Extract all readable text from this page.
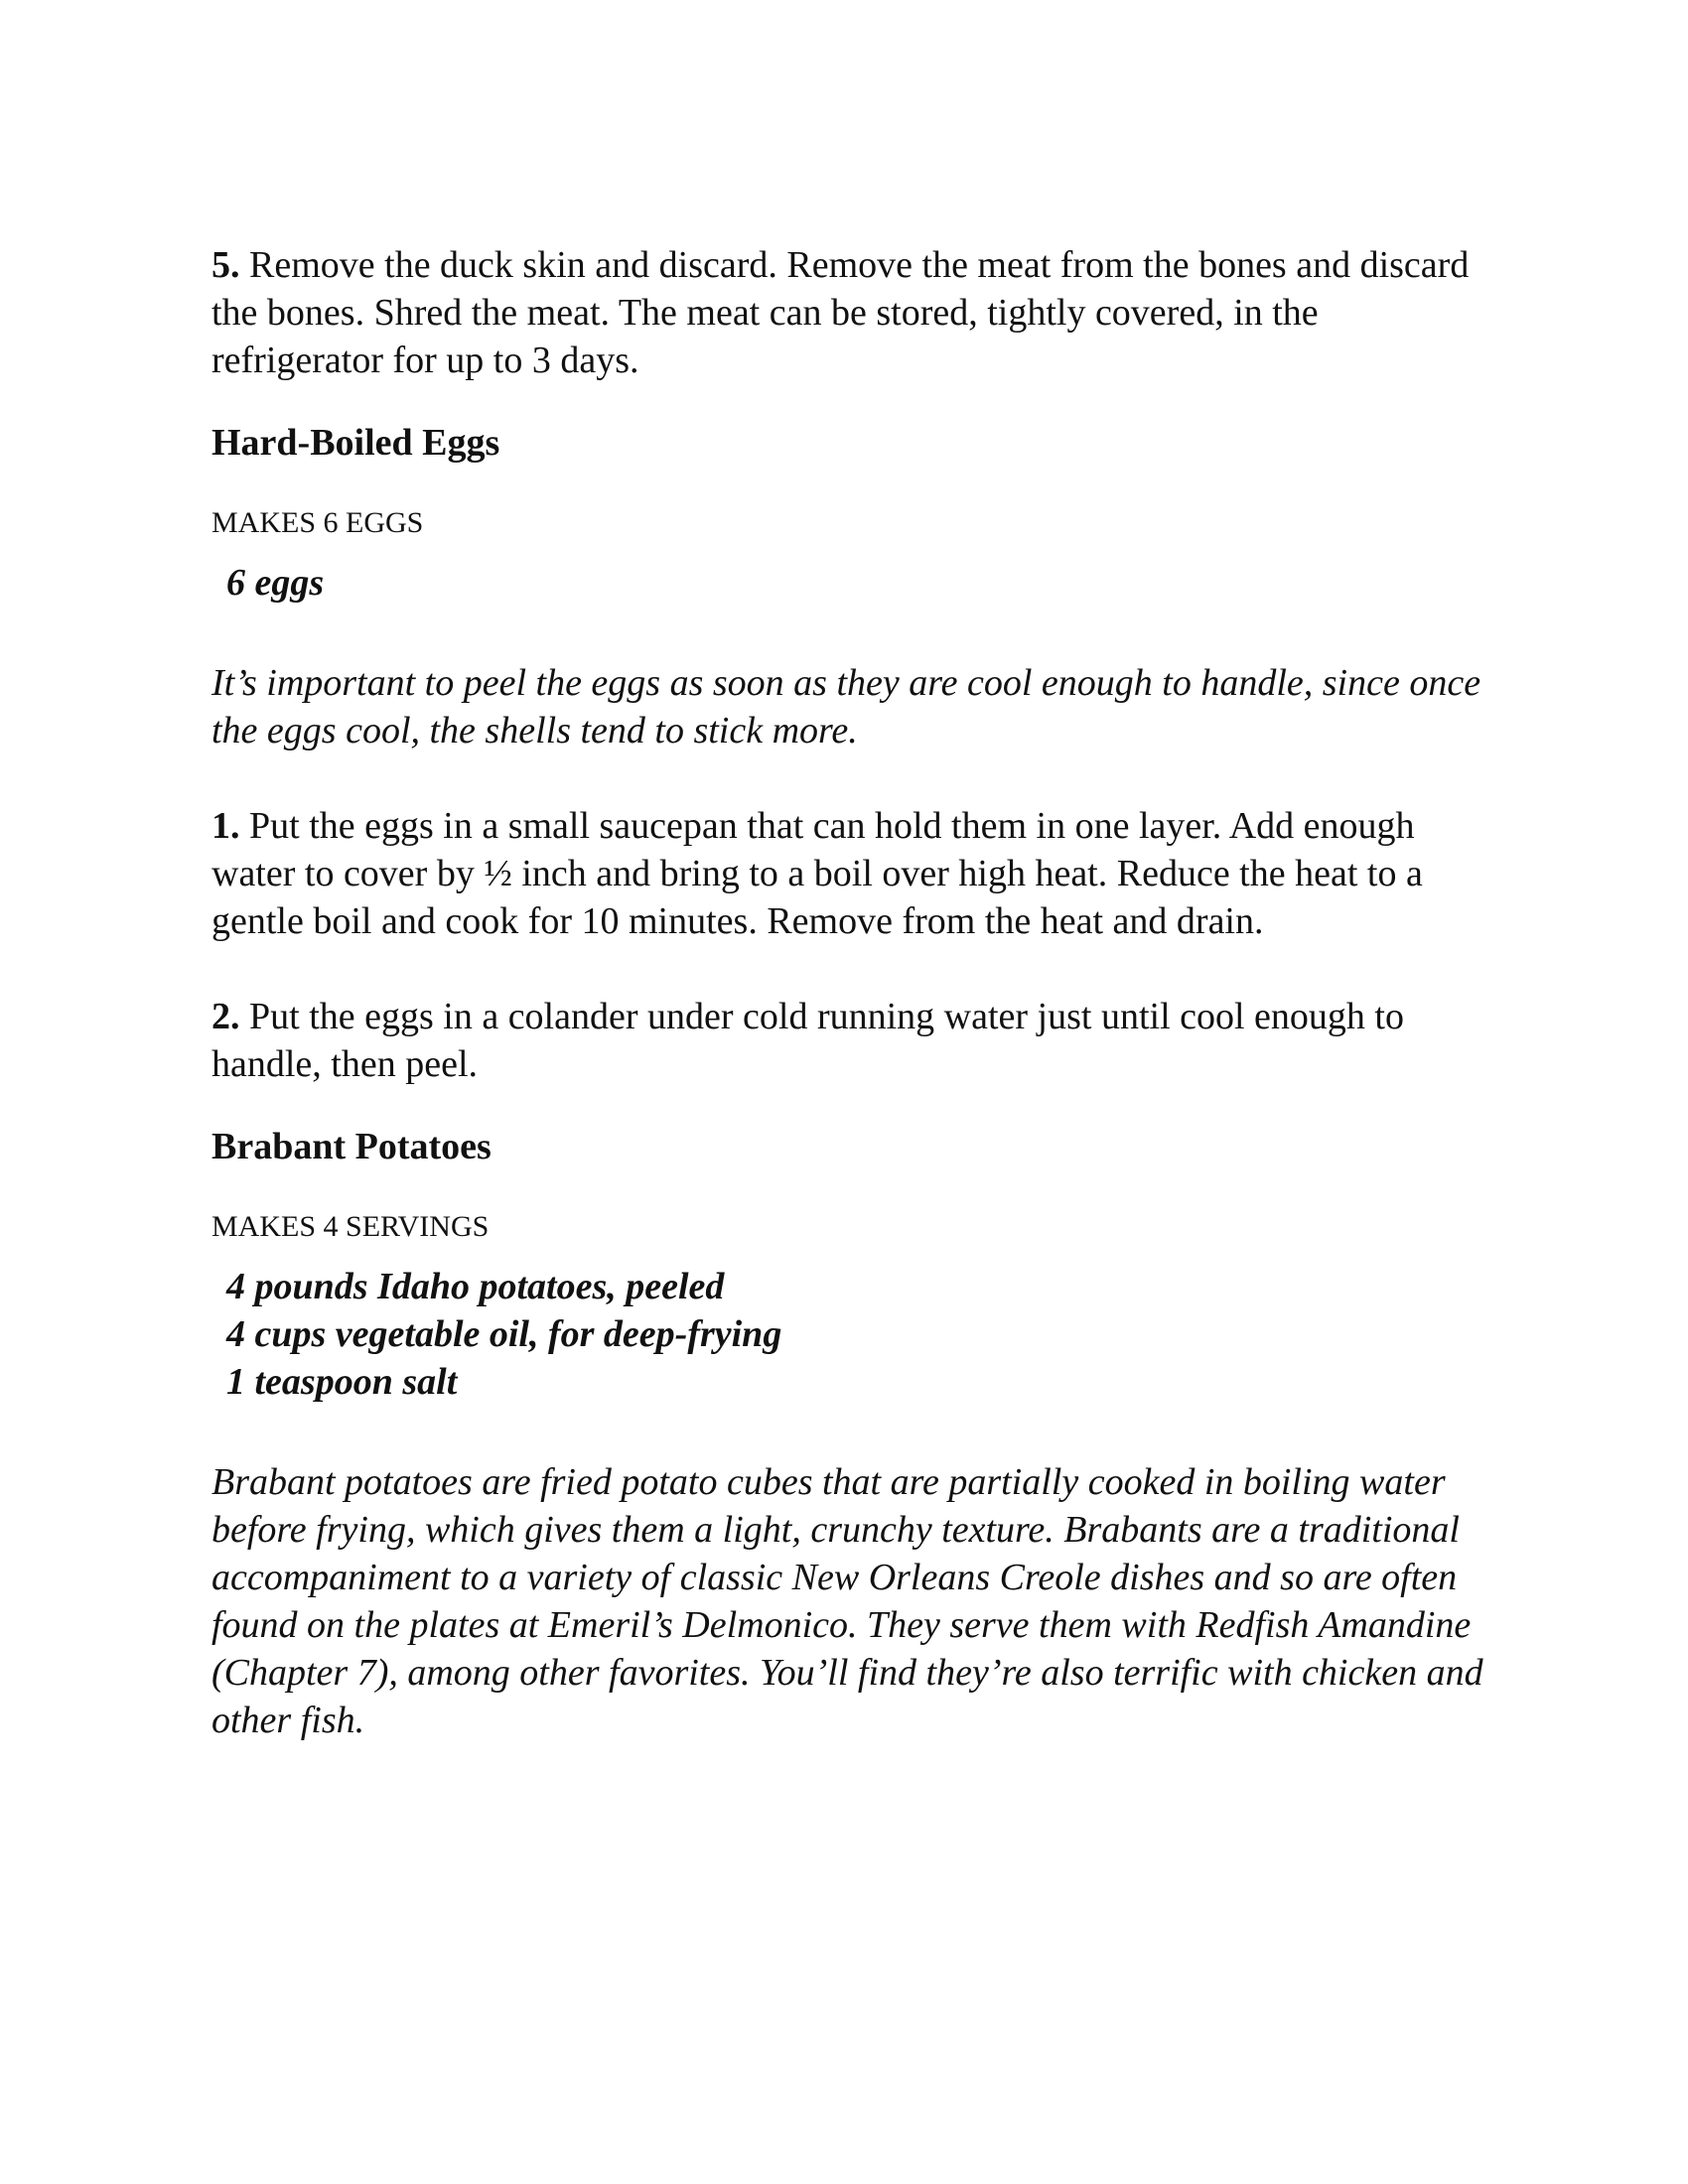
5. Remove the duck skin and discard. Remove the meat from the bones and discard the bones. Shred the meat. The meat can be stored, tightly covered, in the refrigerator for up to 3 days.

Hard-Boiled Eggs

MAKES 6 EGGS

6 eggs

It’s important to peel the eggs as soon as they are cool enough to handle, since once the eggs cool, the shells tend to stick more.

1. Put the eggs in a small saucepan that can hold them in one layer. Add enough water to cover by ½ inch and bring to a boil over high heat. Reduce the heat to a gentle boil and cook for 10 minutes. Remove from the heat and drain.

2. Put the eggs in a colander under cold running water just until cool enough to handle, then peel.

Brabant Potatoes

MAKES 4 SERVINGS

4 pounds Idaho potatoes, peeled
4 cups vegetable oil, for deep-frying
1 teaspoon salt

Brabant potatoes are fried potato cubes that are partially cooked in boiling water before frying, which gives them a light, crunchy texture. Brabants are a traditional accompaniment to a variety of classic New Orleans Creole dishes and so are often found on the plates at Emeril’s Delmonico. They serve them with Redfish Amandine (Chapter 7), among other favorites. You’ll find they’re also terrific with chicken and other fish.
